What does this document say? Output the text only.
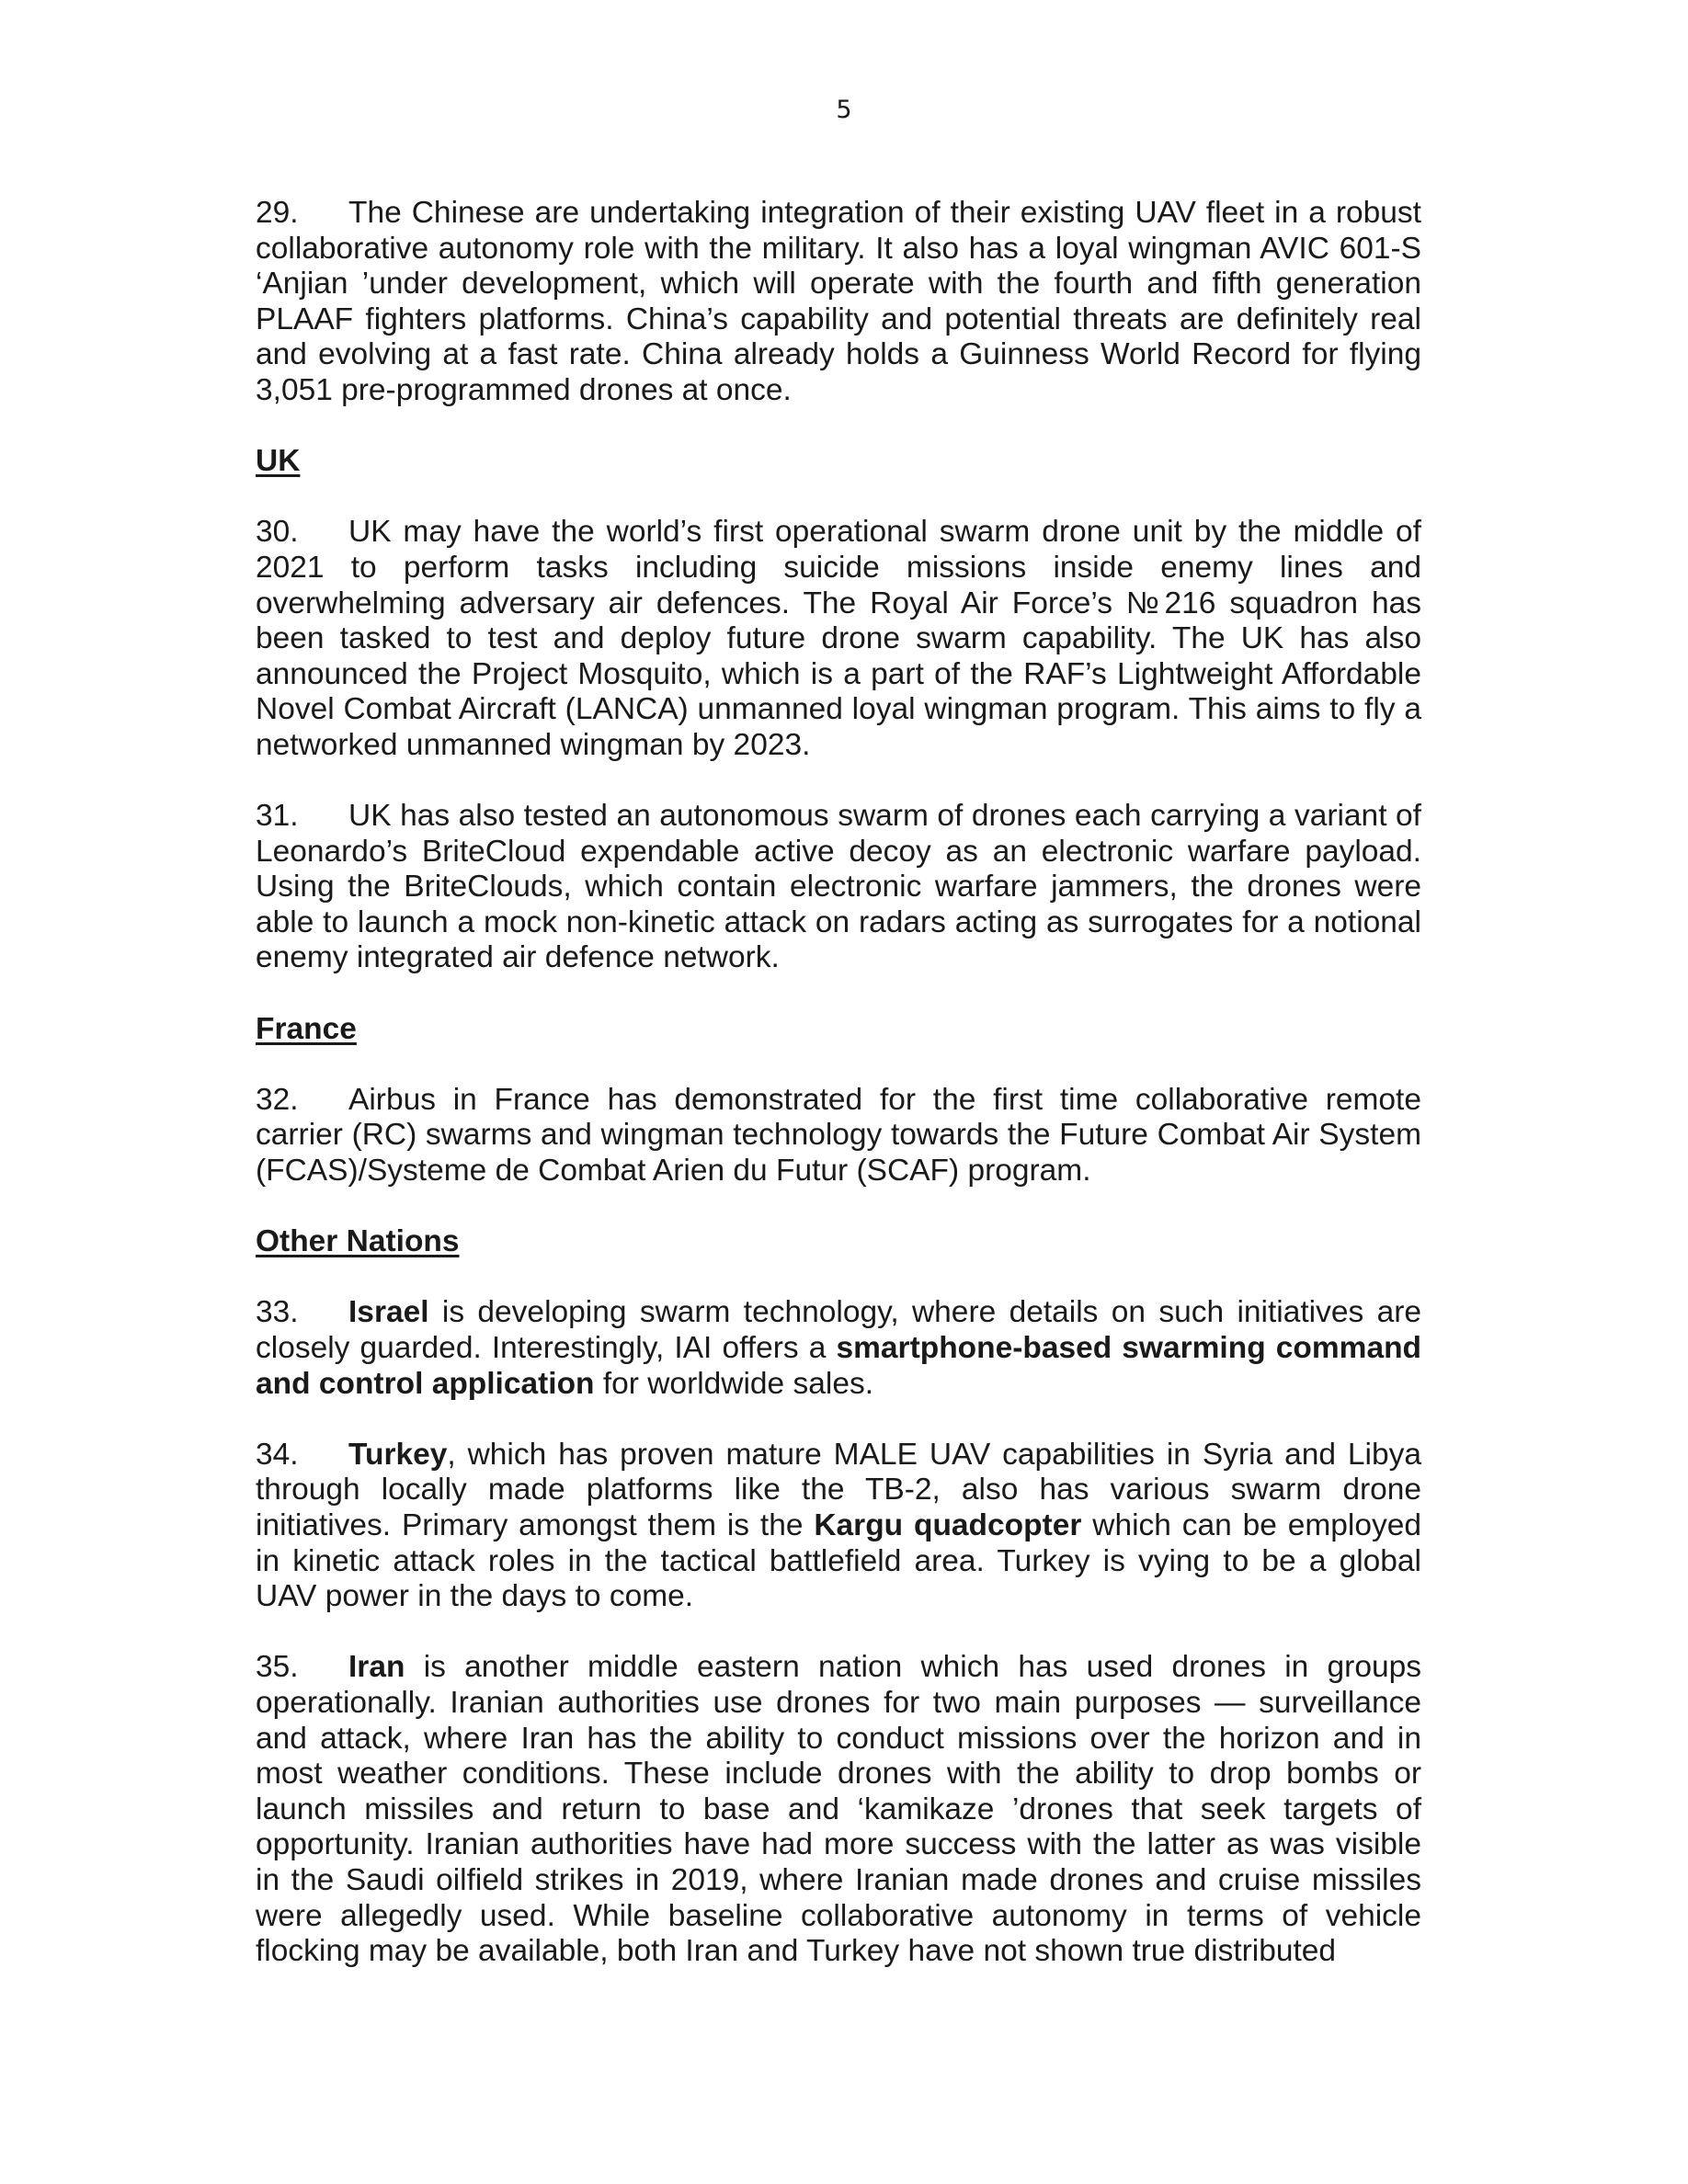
5

29. The Chinese are undertaking integration of their existing UAV fleet in a robust collaborative autonomy role with the military. It also has a loyal wingman AVIC 601-S ‘Anjian ’under development, which will operate with the fourth and fifth generation PLAAF fighters platforms. China’s capability and potential threats are definitely real and evolving at a fast rate. China already holds a Guinness World Record for flying 3,051 pre-programmed drones at once.

UK

30. UK may have the world’s first operational swarm drone unit by the middle of 2021 to perform tasks including suicide missions inside enemy lines and overwhelming adversary air defences. The Royal Air Force’s №216 squadron has been tasked to test and deploy future drone swarm capability. The UK has also announced the Project Mosquito, which is a part of the RAF’s Lightweight Affordable Novel Combat Aircraft (LANCA) unmanned loyal wingman program. This aims to fly a networked unmanned wingman by 2023.

31. UK has also tested an autonomous swarm of drones each carrying a variant of Leonardo’s BriteCloud expendable active decoy as an electronic warfare payload. Using the BriteClouds, which contain electronic warfare jammers, the drones were able to launch a mock non-kinetic attack on radars acting as surrogates for a notional enemy integrated air defence network.

France

32. Airbus in France has demonstrated for the first time collaborative remote carrier (RC) swarms and wingman technology towards the Future Combat Air System (FCAS)/Systeme de Combat Arien du Futur (SCAF) program.

Other Nations

33. Israel is developing swarm technology, where details on such initiatives are closely guarded. Interestingly, IAI offers a smartphone-based swarming command and control application for worldwide sales.

34. Turkey, which has proven mature MALE UAV capabilities in Syria and Libya through locally made platforms like the TB-2, also has various swarm drone initiatives. Primary amongst them is the Kargu quadcopter which can be employed in kinetic attack roles in the tactical battlefield area. Turkey is vying to be a global UAV power in the days to come.

35. Iran is another middle eastern nation which has used drones in groups operationally. Iranian authorities use drones for two main purposes — surveillance and attack, where Iran has the ability to conduct missions over the horizon and in most weather conditions. These include drones with the ability to drop bombs or launch missiles and return to base and ‘kamikaze ’drones that seek targets of opportunity. Iranian authorities have had more success with the latter as was visible in the Saudi oilfield strikes in 2019, where Iranian made drones and cruise missiles were allegedly used. While baseline collaborative autonomy in terms of vehicle flocking may be available, both Iran and Turkey have not shown true distributed
